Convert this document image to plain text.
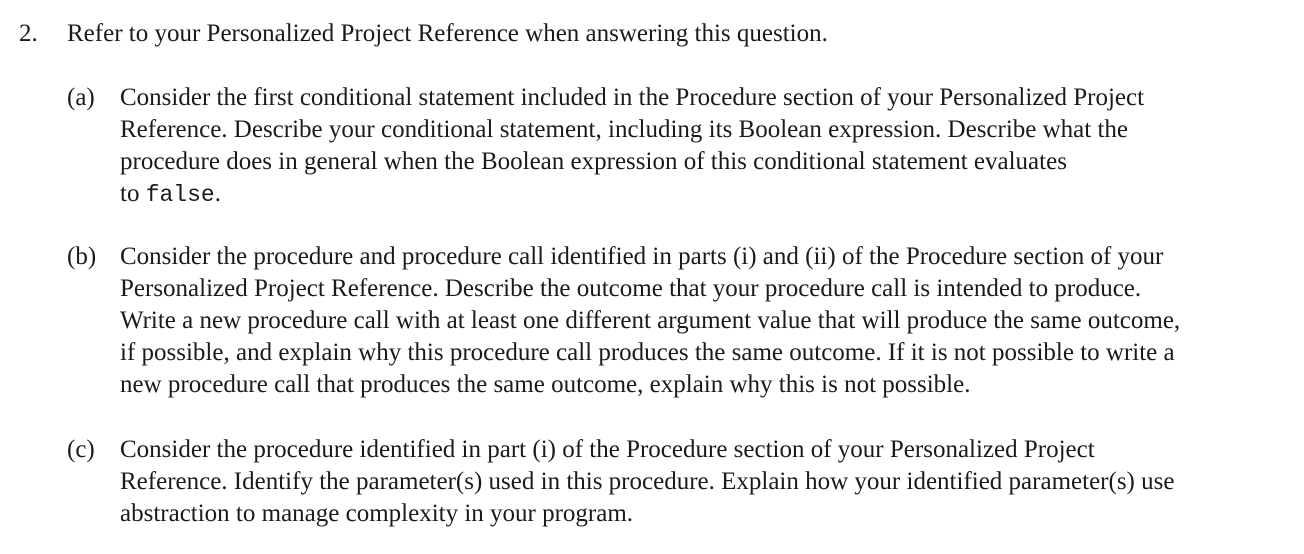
2. Refer to your Personalized Project Reference when answering this question.
(a) Consider the first conditional statement included in the Procedure section of your Personalized Project
Reference. Describe your conditional statement, including its Boolean expression. Describe what the
procedure does in general when the Boolean expression of this conditional statement evaluates
to false.
(b) Consider the procedure and procedure call identified in parts (i) and (ii) of the Procedure section of your
Personalized Project Reference. Describe the outcome that your procedure call is intended to produce.
Write a new procedure call with at least one different argument value that will produce the same outcome,
if possible, and explain why this procedure call produces the same outcome. If it is not possible to write a
new procedure call that produces the same outcome, explain why this is not possible.
(c) Consider the procedure identified in part (i) of the Procedure section of your Personalized Project
Reference. Identify the parameter(s) used in this procedure. Explain how your identified parameter(s) use
abstraction to manage complexity in your program.
